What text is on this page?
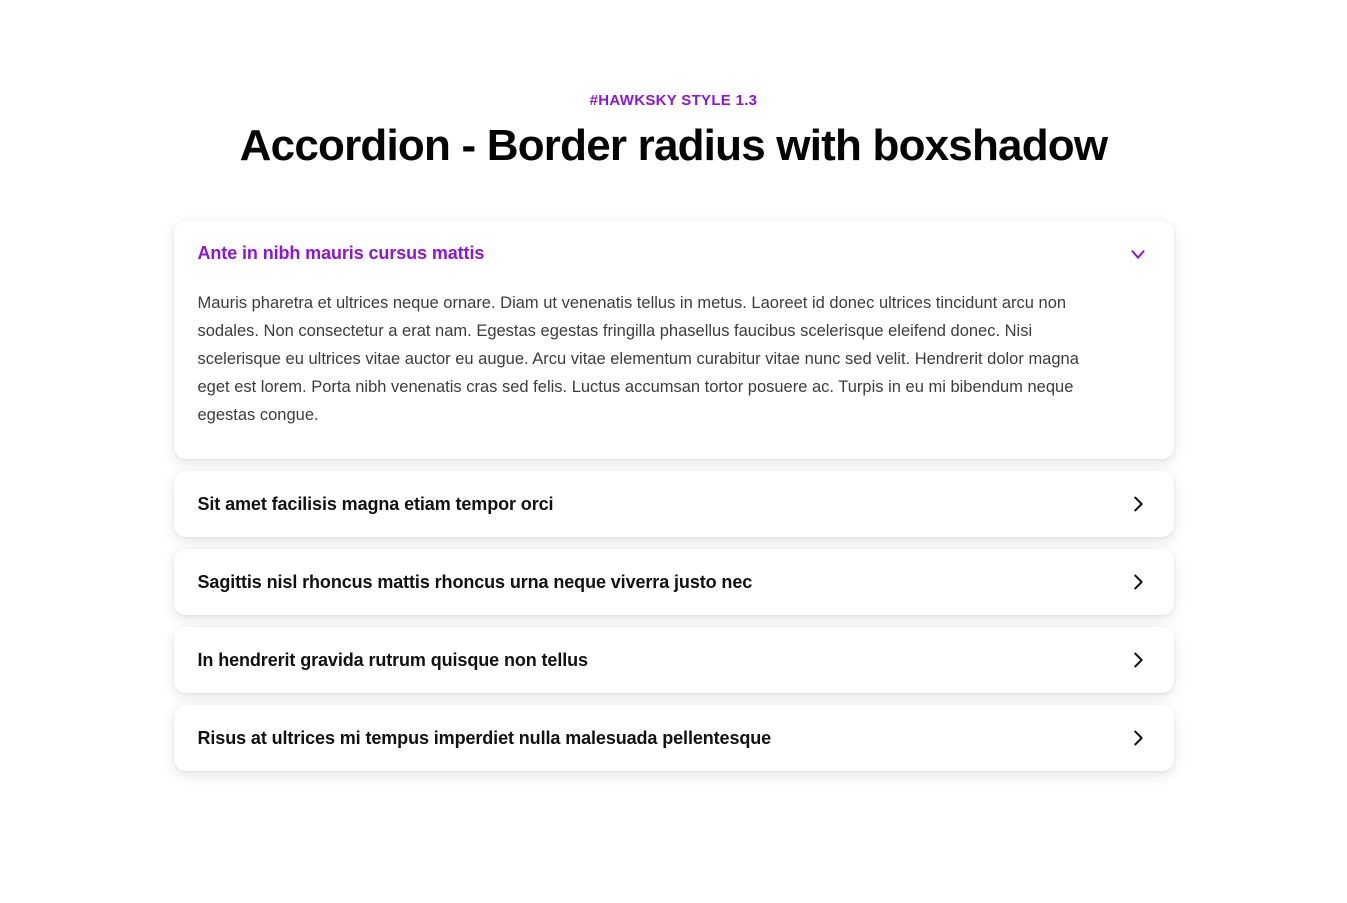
#HAWKSKY STYLE 1.3
Accordion - Border radius with boxshadow
Ante in nibh mauris cursus mattis
Mauris pharetra et ultrices neque ornare. Diam ut venenatis tellus in metus. Laoreet id donec ultrices tincidunt arcu non sodales. Non consectetur a erat nam. Egestas egestas fringilla phasellus faucibus scelerisque eleifend donec. Nisi scelerisque eu ultrices vitae auctor eu augue. Arcu vitae elementum curabitur vitae nunc sed velit. Hendrerit dolor magna eget est lorem. Porta nibh venenatis cras sed felis. Luctus accumsan tortor posuere ac. Turpis in eu mi bibendum neque egestas congue.
Sit amet facilisis magna etiam tempor orci
Sagittis nisl rhoncus mattis rhoncus urna neque viverra justo nec
In hendrerit gravida rutrum quisque non tellus
Risus at ultrices mi tempus imperdiet nulla malesuada pellentesque
